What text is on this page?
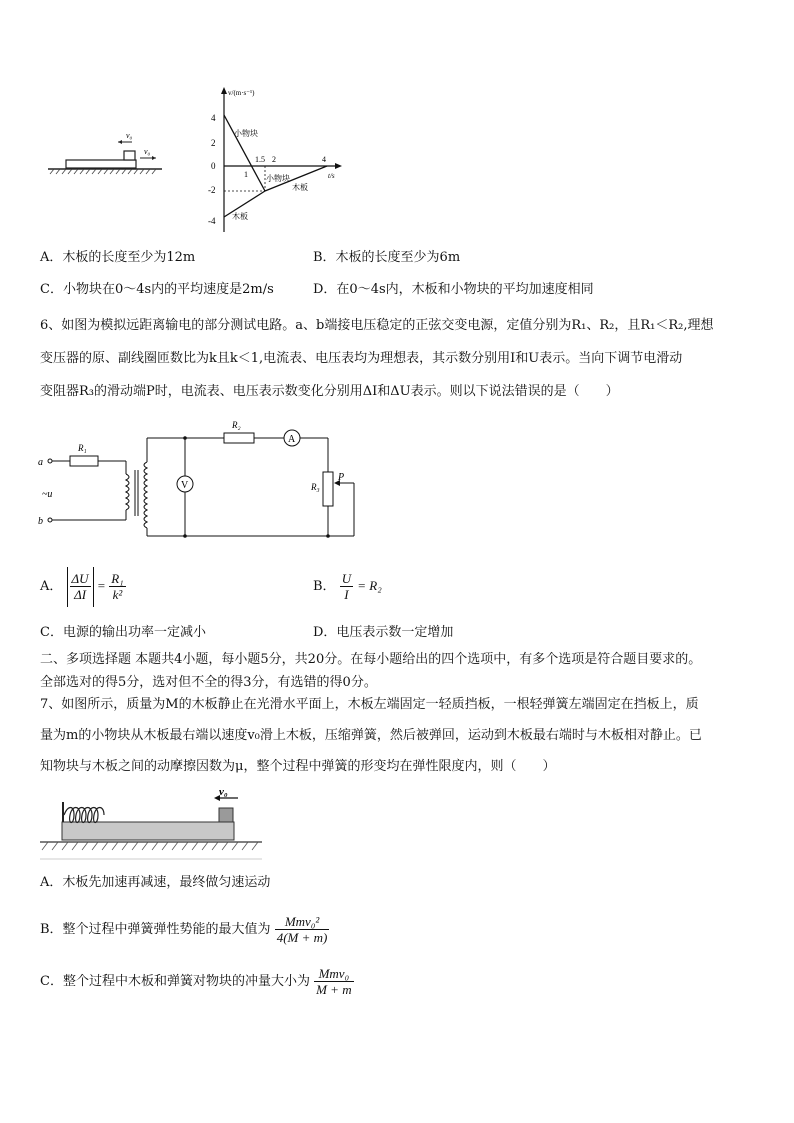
v₀
v₀
v/(m·s⁻¹)
t/s
4
2
0
-2
-4
1.5 2	4
1
小物块
小物块
木板
木板
A．木板的长度至少为12m	B．木板的长度至少为6m
C．小物块在0～4s内的平均速度是2m/s	D．在0～4s内，木板和小物块的平均加速度相同
6、如图为模拟远距离输电的部分测试电路。a、b端接电压稳定的正弦交变电源，定值分别为R₁、R₂，且R₁＜R₂,理想
变压器的原、副线圈匝数比为k且k＜1,电流表、电压表均为理想表，其示数分别用I和U表示。当向下调节电滑动
变阻器R₃的滑动端P时，电流表、电压表示数变化分别用ΔI和ΔU表示。则以下说法错误的是（　　）
a
b
~u
R₁
R₂
A
R₃
P
V
A． $\frac{\Delta U}{\Delta I} = \frac{\text{R₁}}{\text{k²}}$	B． $\frac{U}{I} = R_2$
C．电源的输出功率一定减小	D．电压表示数一定增加
二、多项选择题 本题共4小题，每小题5分，共20分。在每小题给出的四个选项中，有多个选项是符合题目要求的。
全部选对的得5分，选对但不全的得3分，有选错的得0分。
7、如图所示，质量为M的木板静止在光滑水平面上，木板左端固定一轻质挡板，一根轻弹簧左端固定在挡板上，质
量为m的小物块从木板最右端以速度v₀滑上木板，压缩弹簧，然后被弹回，运动到木板最右端时与木板相对静止。已
知物块与木板之间的动摩擦因数为μ，整个过程中弹簧的形变均在弹性限度内，则（　　）
v₀
A．木板先加速再减速，最终做匀速运动
B．整个过程中弹簧弹性势能的最大值为 $\frac{\text{Mmv₀²}}{4(M + m)}$
C．整个过程中木板和弹簧对物块的冲量大小为 $\frac{\text{Mmv₀}}{M + m}$
